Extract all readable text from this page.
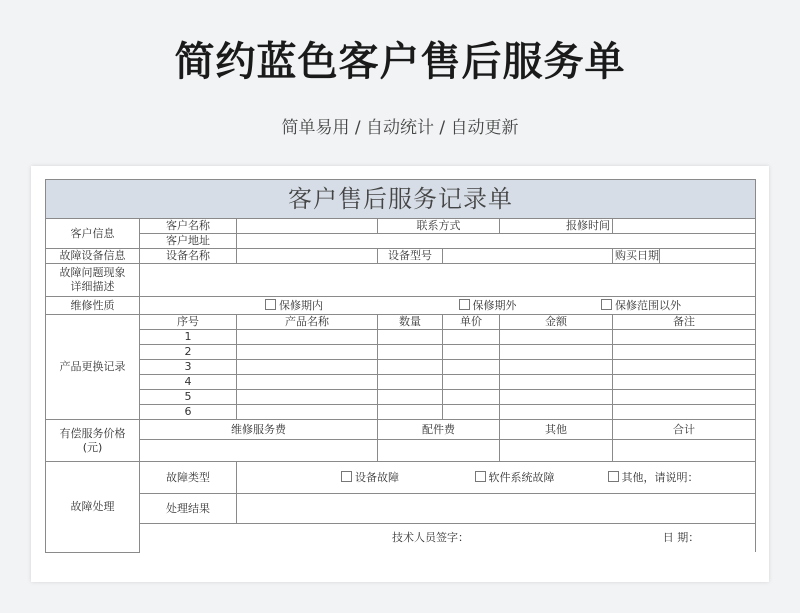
简约蓝色客户售后服务单
简单易用 / 自动统计 / 自动更新
客户售后服务记录单							
客户信息	客户名称		联系方式		报修时间		
	客户地址						
故障设备信息	设备名称		设备型号			购买日期	
故障问题现象
详细描述							
维修性质	保修期内 保修期外 保修范围以外						
产品更换记录	序号	产品名称	数量	单价	金额	备注	
	1						
	2						
	3						
	4						
	5						
	6						
有偿服务价格
(元)	维修服务费		配件费		其他	合计	

故障处理	故障类型	设备故障 软件系统故障 其他，请说明：					
	处理结果						
	技术人员签字： 日 期：						
